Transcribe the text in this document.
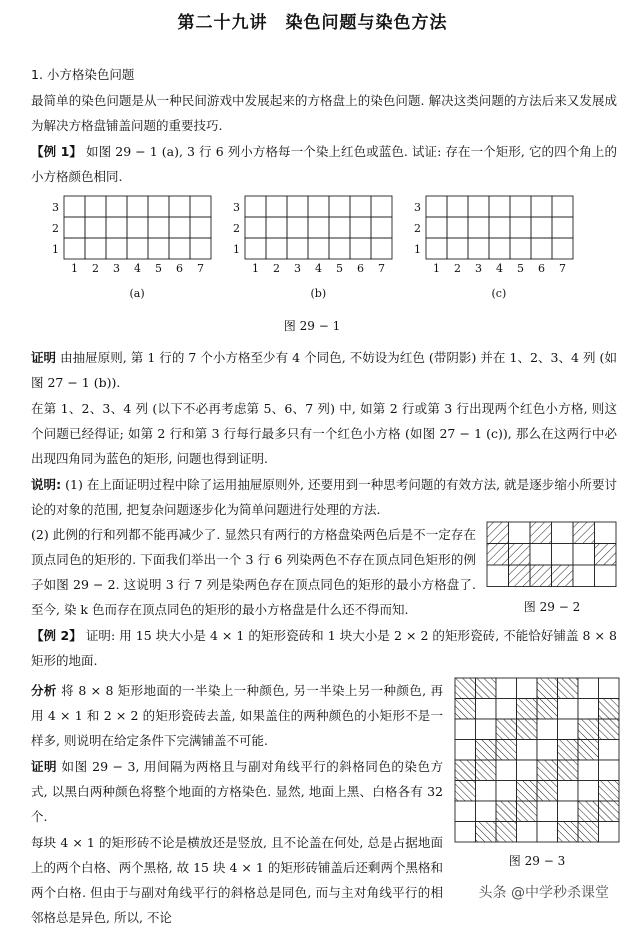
第二十九讲　染色问题与染色方法
1. 小方格染色问题
最简单的染色问题是从一种民间游戏中发展起来的方格盘上的染色问题. 解决这类问题的方法后来又发展成为解决方格盘铺盖问题的重要技巧.
【例 1】 如图 29 − 1 (a), 3 行 6 列小方格每一个染上红色或蓝色. 试证: 存在一个矩形, 它的四个角上的小方格颜色相同.
3
2
1
1 2 3 4 5 6 7
(a)
3
2
1
1 2 3 4 5 6 7
(b)
3
2
1
1 2 3 4 5 6 7
(c)
图 29 − 1
证明 由抽屉原则, 第 1 行的 7 个小方格至少有 4 个同色, 不妨设为红色 (带阴影) 并在 1、2、3、4 列 (如图 27 − 1 (b)).
在第 1、2、3、4 列 (以下不必再考虑第 5、6、7 列) 中, 如第 2 行或第 3 行出现两个红色小方格, 则这个问题已经得证; 如第 2 行和第 3 行每行最多只有一个红色小方格 (如图 27 − 1 (c)), 那么在这两行中必出现四角同为蓝色的矩形, 问题也得到证明.
说明: (1) 在上面证明过程中除了运用抽屉原则外, 还要用到一种思考问题的有效方法, 就是逐步缩小所要讨论的对象的范围, 把复杂问题逐步化为简单问题进行处理的方法.
(2) 此例的行和列都不能再减少了. 显然只有两行的方格盘染两色后是不一定存在顶点同色的矩形的. 下面我们举出一个 3 行 6 列染两色不存在顶点同色矩形的例子如图 29 − 2. 这说明 3 行 7 列是染两色存在顶点同色的矩形的最小方格盘了. 至今, 染 k 色而存在顶点同色的矩形的最小方格盘是什么还不得而知.	图 29 − 2
【例 2】 证明: 用 15 块大小是 4 × 1 的矩形瓷砖和 1 块大小是 2 × 2 的矩形瓷砖, 不能恰好铺盖 8 × 8 矩形的地面.
分析 将 8 × 8 矩形地面的一半染上一种颜色, 另一半染上另一种颜色, 再用 4 × 1 和 2 × 2 的矩形瓷砖去盖, 如果盖住的两种颜色的小矩形不是一样多, 则说明在给定条件下完满铺盖不可能.
证明 如图 29 − 3, 用间隔为两格且与副对角线平行的斜格同色的染色方式, 以黑白两种颜色将整个地面的方格染色. 显然, 地面上黑、白格各有 32 个.
每块 4 × 1 的矩形砖不论是横放还是竖放, 且不论盖在何处, 总是占据地面上的两个白格、两个黑格, 故 15 块 4 × 1 的矩形砖铺盖后还剩两个黑格和两个白格. 但由于与副对角线平行的斜格总是同色, 而与主对角线平行的相邻格总是异色, 所以, 不论
图 29 − 3
头条 @中学秒杀课堂
